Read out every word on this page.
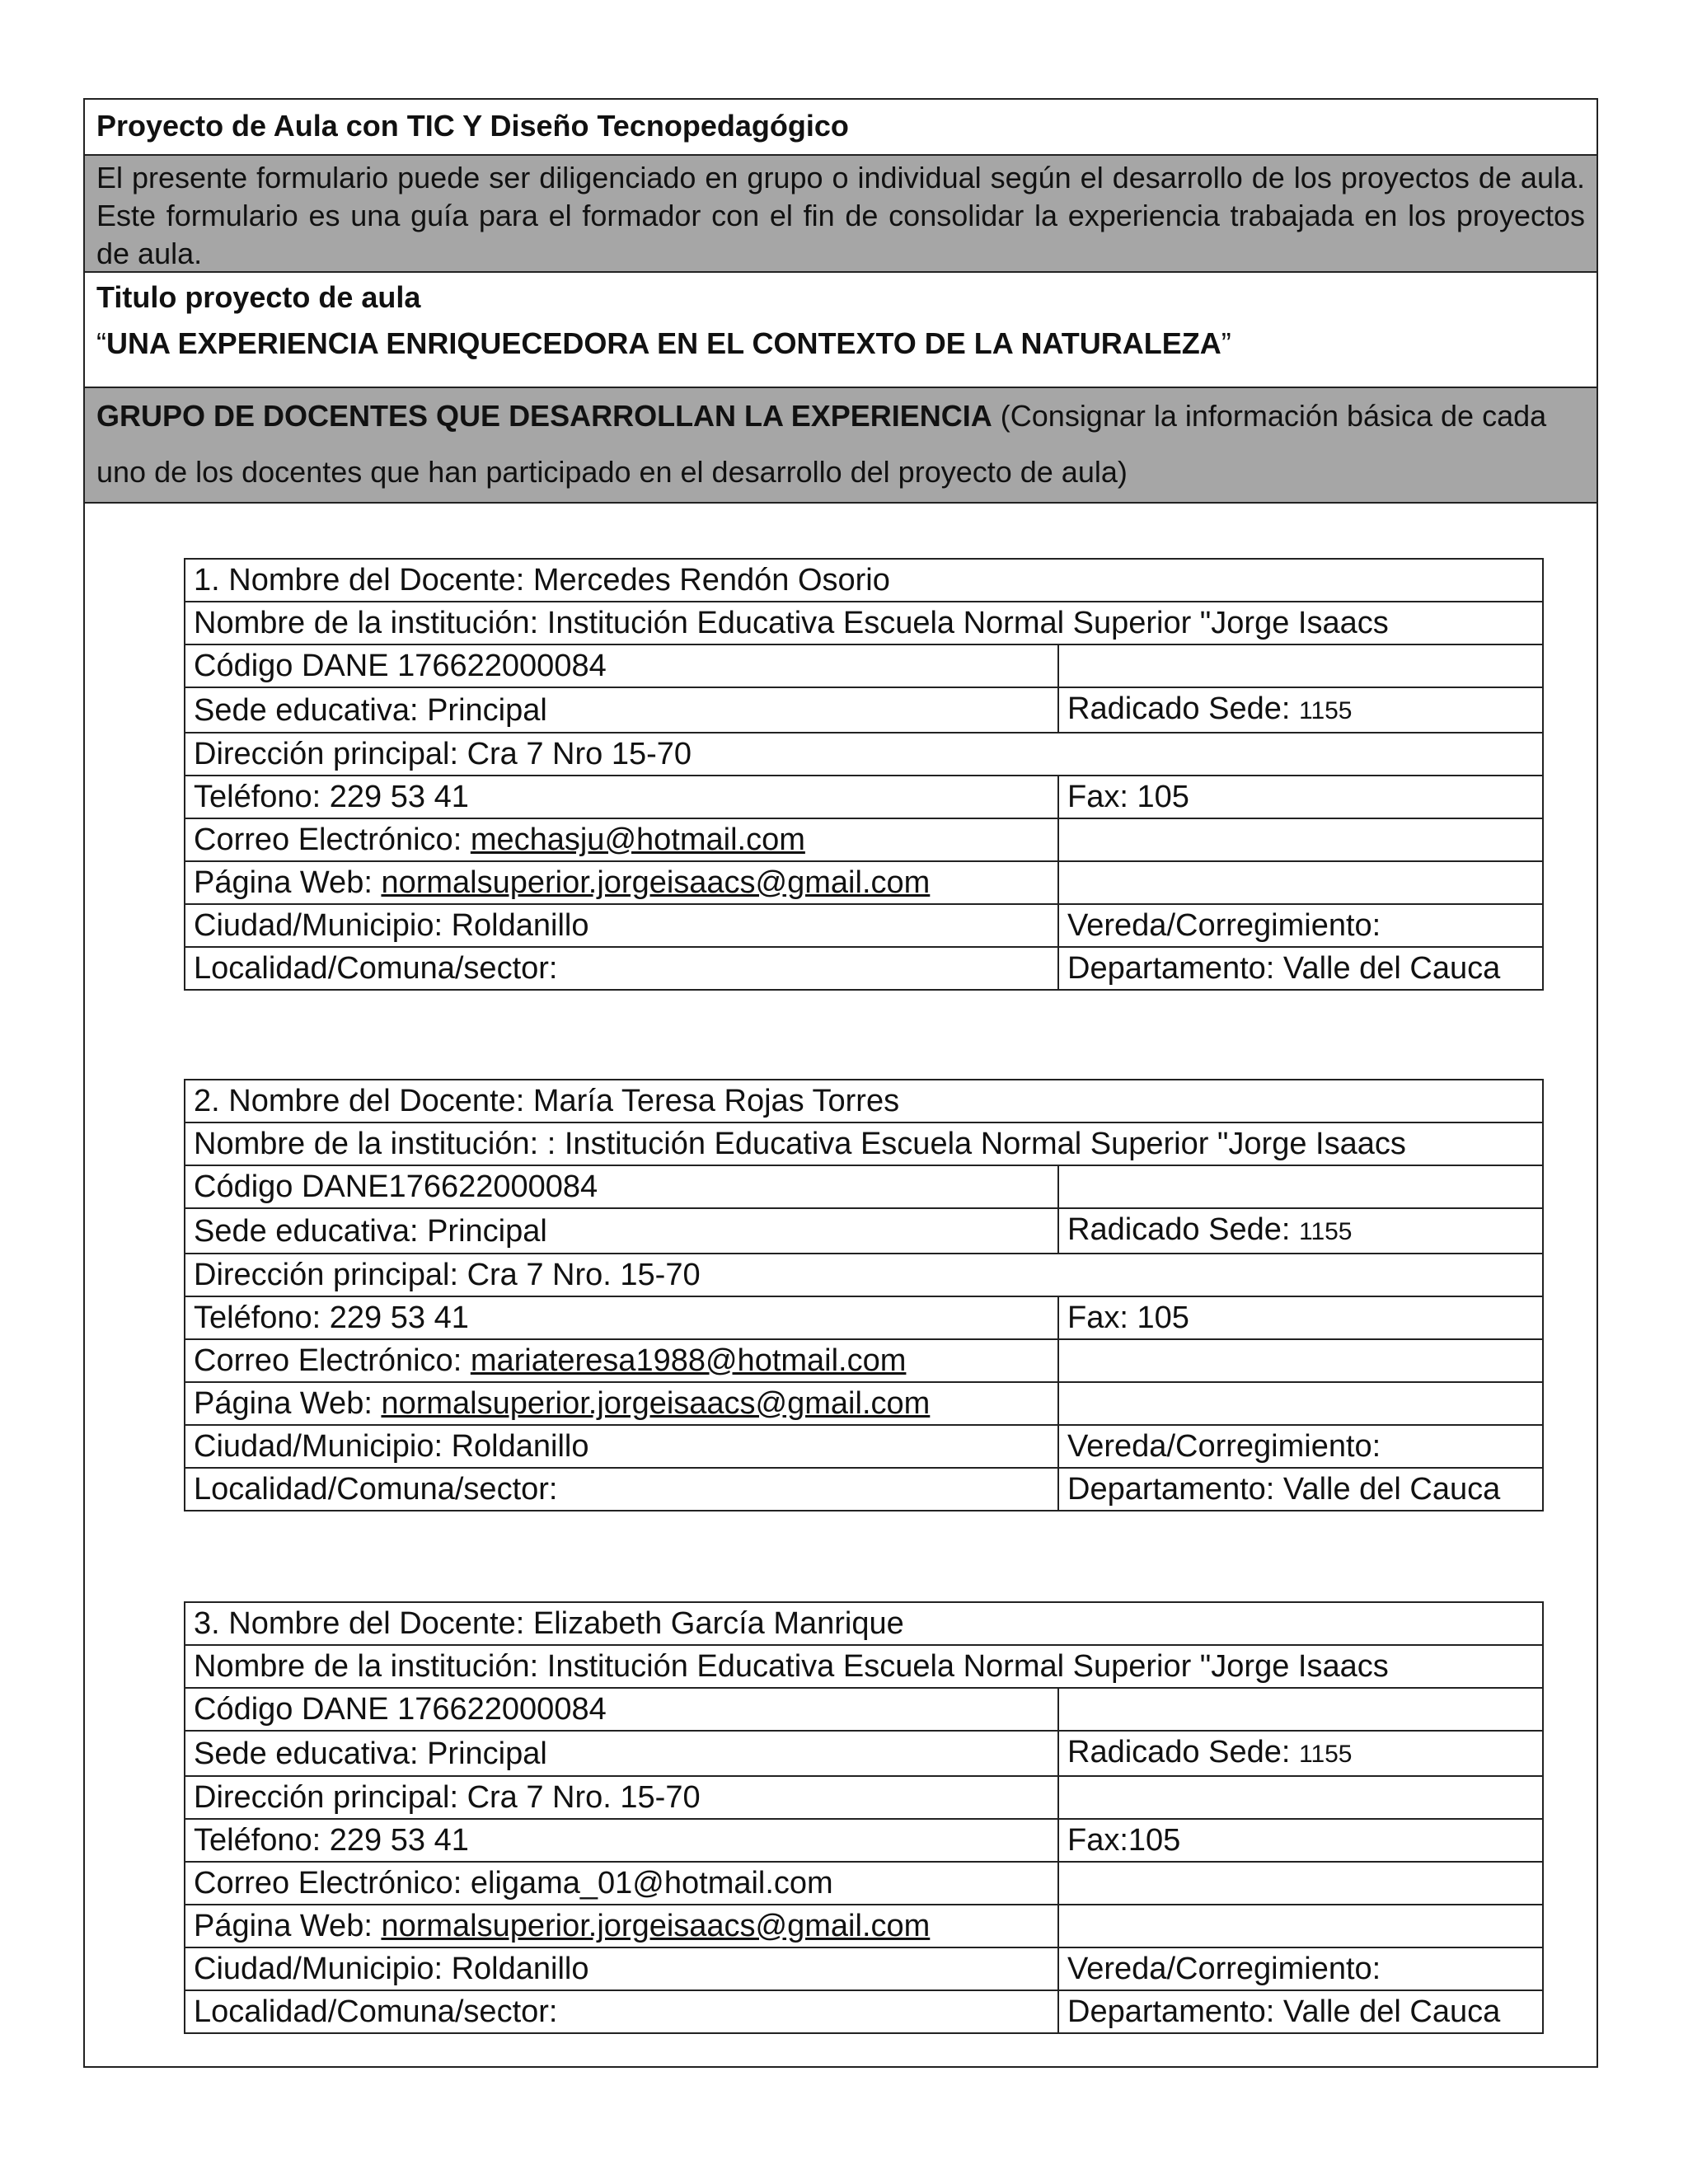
Proyecto de Aula con TIC Y Diseño Tecnopedagógico
El presente formulario puede ser diligenciado en grupo o individual según el desarrollo de los proyectos de aula. Este formulario es una guía para el formador con el fin de consolidar la experiencia trabajada en los proyectos de aula.
Titulo proyecto de aula
“UNA EXPERIENCIA ENRIQUECEDORA EN EL CONTEXTO DE LA NATURALEZA”
GRUPO DE DOCENTES QUE DESARROLLAN LA EXPERIENCIA (Consignar la información básica de cada uno de los docentes que han participado en el desarrollo del proyecto de aula)
1. Nombre del Docente: Mercedes Rendón Osorio	
Nombre de la institución: Institución Educativa Escuela Normal Superior "Jorge Isaacs	
Código DANE 176622000084	
Sede educativa: Principal	Radicado Sede: 1155
Dirección principal: Cra 7 Nro 15-70	
Teléfono: 229 53 41	Fax: 105
Correo Electrónico: mechasju@hotmail.com	
Página Web: normalsuperior.jorgeisaacs@gmail.com	
Ciudad/Municipio: Roldanillo	Vereda/Corregimiento:
Localidad/Comuna/sector:	Departamento: Valle del Cauca
2. Nombre del Docente: María Teresa Rojas Torres	
Nombre de la institución: : Institución Educativa Escuela Normal Superior "Jorge Isaacs	
Código DANE176622000084	
Sede educativa: Principal	Radicado Sede: 1155
Dirección principal: Cra 7 Nro. 15-70	
Teléfono: 229 53 41	Fax: 105
Correo Electrónico: mariateresa1988@hotmail.com	
Página Web: normalsuperior.jorgeisaacs@gmail.com	
Ciudad/Municipio: Roldanillo	Vereda/Corregimiento:
Localidad/Comuna/sector:	Departamento: Valle del Cauca
3. Nombre del Docente: Elizabeth García Manrique	
Nombre de la institución: Institución Educativa Escuela Normal Superior "Jorge Isaacs	
Código DANE 176622000084	
Sede educativa: Principal	Radicado Sede: 1155
Dirección principal: Cra 7 Nro. 15-70	
Teléfono: 229 53 41	Fax:105
Correo Electrónico: eligama_01@hotmail.com	
Página Web: normalsuperior.jorgeisaacs@gmail.com	
Ciudad/Municipio: Roldanillo	Vereda/Corregimiento:
Localidad/Comuna/sector:	Departamento: Valle del Cauca
